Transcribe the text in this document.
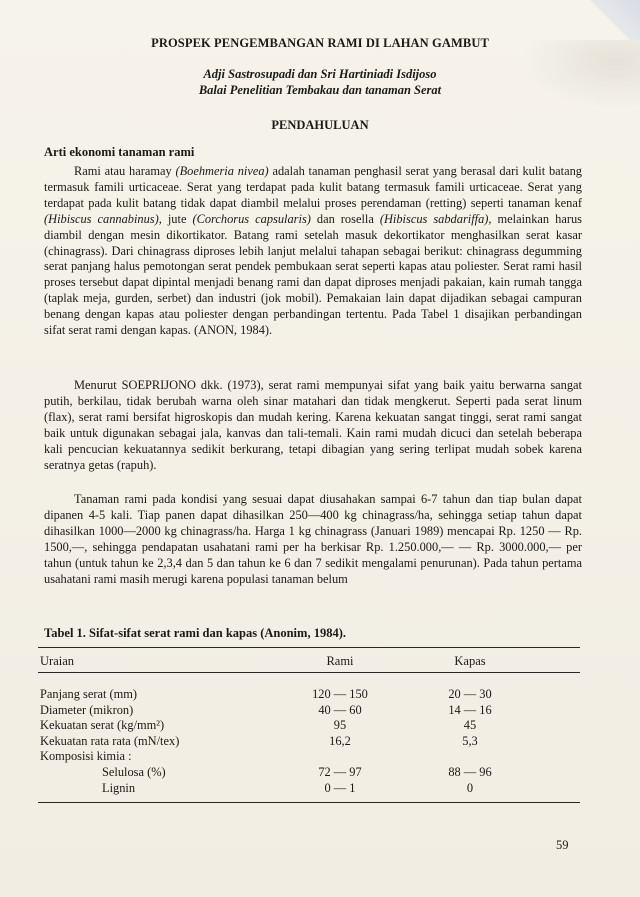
PROSPEK PENGEMBANGAN RAMI DI LAHAN GAMBUT
Adji Sastrosupadi dan Sri Hartiniadi Isdijoso
Balai Penelitian Tembakau dan tanaman Serat
PENDAHULUAN
Arti ekonomi tanaman rami

Rami atau haramay (Boehmeria nivea) adalah tanaman penghasil serat yang berasal dari kulit batang termasuk famili urticaceae. Serat yang terdapat pada kulit batang termasuk famili urticaceae. Serat yang terdapat pada kulit batang tidak dapat diambil melalui proses perendaman (retting) seperti tanaman kenaf (Hibiscus cannabinus), jute (Corchorus capsularis) dan rosella (Hibiscus sabdariffa), melainkan harus diambil dengan mesin dikortikator. Batang rami setelah masuk dekortikator menghasilkan serat kasar (chinagrass). Dari chinagrass diproses lebih lanjut melalui tahapan sebagai berikut: chinagrass degumming serat panjang halus pemotongan serat pendek pembukaan serat seperti kapas atau poliester. Serat rami hasil proses tersebut dapat dipintal menjadi benang rami dan dapat diproses menjadi pakaian, kain rumah tangga (taplak meja, gurden, serbet) dan industri (jok mobil). Pemakaian lain dapat dijadikan sebagai campuran benang dengan kapas atau poliester dengan perbandingan tertentu. Pada Tabel 1 disajikan perbandingan sifat serat rami dengan kapas. (ANON, 1984).

Menurut SOEPRIJONO dkk. (1973), serat rami mempunyai sifat yang baik yaitu berwarna sangat putih, berkilau, tidak berubah warna oleh sinar matahari dan tidak mengkerut. Seperti pada serat linum (flax), serat rami bersifat higroskopis dan mudah kering. Karena kekuatan sangat tinggi, serat rami sangat baik untuk digunakan sebagai jala, kanvas dan tali-temali. Kain rami mudah dicuci dan setelah beberapa kali pencucian kekuatannya sedikit berkurang, tetapi dibagian yang sering terlipat mudah sobek karena seratnya getas (rapuh).

Tanaman rami pada kondisi yang sesuai dapat diusahakan sampai 6-7 tahun dan tiap bulan dapat dipanen 4-5 kali. Tiap panen dapat dihasilkan 250—400 kg chinagrass/ha, sehingga setiap tahun dapat dihasilkan 1000—2000 kg chinagrass/ha. Harga 1 kg chinagrass (Januari 1989) mencapai Rp. 1250 — Rp. 1500,—, sehingga pendapatan usahatani rami per ha berkisar Rp. 1.250.000,— — Rp. 3000.000,— per tahun (untuk tahun ke 2,3,4 dan 5 dan tahun ke 6 dan 7 sedikit mengalami penurunan). Pada tahun pertama usahatani rami masih merugi karena populasi tanaman belum

Tabel 1. Sifat-sifat serat rami dan kapas (Anonim, 1984).
Uraian	Rami	Kapas
Panjang serat (mm)
Diameter (mikron)
Kekuatan serat (kg/mm²)
Kekuatan rata rata (mN/tex)
Komposisi kimia :
Selulosa (%)
Lignin
120 — 150
40 — 60
95
16,2

72 — 97
0 — 1
20 — 30
14 — 16
45
5,3

88 — 96
0
59
